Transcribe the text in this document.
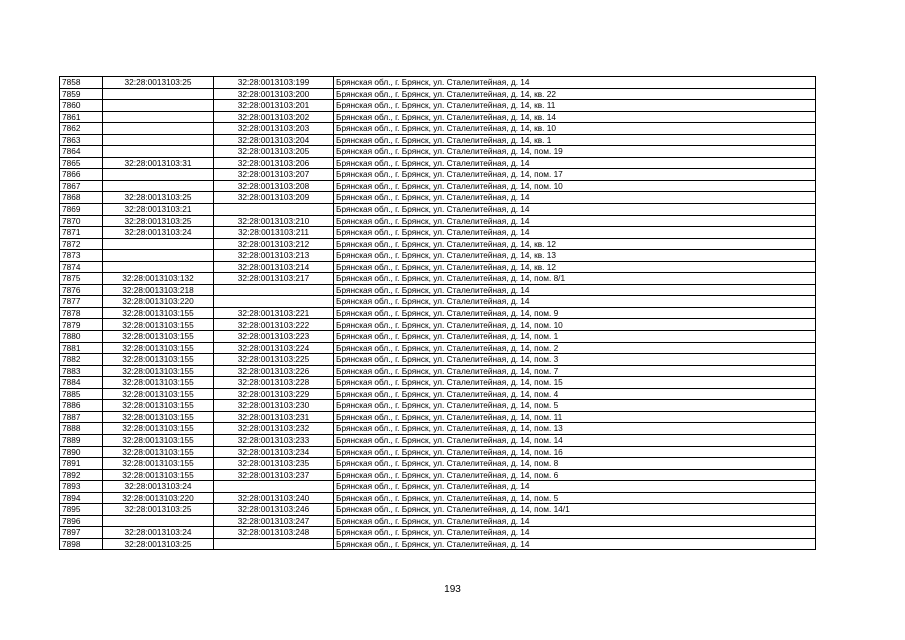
7858	32:28:0013103:25	32:28:0013103:199	Брянская обл., г. Брянск, ул. Сталелитейная, д. 14
7859		32:28:0013103:200	Брянская обл., г. Брянск, ул. Сталелитейная, д. 14, кв. 22
7860		32:28:0013103:201	Брянская обл., г. Брянск, ул. Сталелитейная, д. 14, кв. 11
7861		32:28:0013103:202	Брянская обл., г. Брянск, ул. Сталелитейная, д. 14, кв. 14
7862		32:28:0013103:203	Брянская обл., г. Брянск, ул. Сталелитейная, д. 14, кв. 10
7863		32:28:0013103:204	Брянская обл., г. Брянск, ул. Сталелитейная, д. 14, кв. 1
7864		32:28:0013103:205	Брянская обл., г. Брянск, ул. Сталелитейная, д. 14, пом. 19
7865	32:28:0013103:31	32:28:0013103:206	Брянская обл., г. Брянск, ул. Сталелитейная, д. 14
7866		32:28:0013103:207	Брянская обл., г. Брянск, ул. Сталелитейная, д. 14, пом. 17
7867		32:28:0013103:208	Брянская обл., г. Брянск, ул. Сталелитейная, д. 14, пом. 10
7868	32:28:0013103:25	32:28:0013103:209	Брянская обл., г. Брянск, ул. Сталелитейная, д. 14
7869	32:28:0013103:21		Брянская обл., г. Брянск, ул. Сталелитейная, д. 14
7870	32:28:0013103:25	32:28:0013103:210	Брянская обл., г. Брянск, ул. Сталелитейная, д. 14
7871	32:28:0013103:24	32:28:0013103:211	Брянская обл., г. Брянск, ул. Сталелитейная, д. 14
7872		32:28:0013103:212	Брянская обл., г. Брянск, ул. Сталелитейная, д. 14, кв. 12
7873		32:28:0013103:213	Брянская обл., г. Брянск, ул. Сталелитейная, д. 14, кв. 13
7874		32:28:0013103:214	Брянская обл., г. Брянск, ул. Сталелитейная, д. 14, кв. 12
7875	32:28:0013103:132	32:28:0013103:217	Брянская обл., г. Брянск, ул. Сталелитейная, д. 14, пом. 8/1
7876	32:28:0013103:218		Брянская обл., г. Брянск, ул. Сталелитейная, д. 14
7877	32:28:0013103:220		Брянская обл., г. Брянск, ул. Сталелитейная, д. 14
7878	32:28:0013103:155	32:28:0013103:221	Брянская обл., г. Брянск, ул. Сталелитейная, д. 14, пом. 9
7879	32:28:0013103:155	32:28:0013103:222	Брянская обл., г. Брянск, ул. Сталелитейная, д. 14, пом. 10
7880	32:28:0013103:155	32:28:0013103:223	Брянская обл., г. Брянск, ул. Сталелитейная, д. 14, пом. 1
7881	32:28:0013103:155	32:28:0013103:224	Брянская обл., г. Брянск, ул. Сталелитейная, д. 14, пом. 2
7882	32:28:0013103:155	32:28:0013103:225	Брянская обл., г. Брянск, ул. Сталелитейная, д. 14, пом. 3
7883	32:28:0013103:155	32:28:0013103:226	Брянская обл., г. Брянск, ул. Сталелитейная, д. 14, пом. 7
7884	32:28:0013103:155	32:28:0013103:228	Брянская обл., г. Брянск, ул. Сталелитейная, д. 14, пом. 15
7885	32:28:0013103:155	32:28:0013103:229	Брянская обл., г. Брянск, ул. Сталелитейная, д. 14, пом. 4
7886	32:28:0013103:155	32:28:0013103:230	Брянская обл., г. Брянск, ул. Сталелитейная, д. 14, пом. 5
7887	32:28:0013103:155	32:28:0013103:231	Брянская обл., г. Брянск, ул. Сталелитейная, д. 14, пом. 11
7888	32:28:0013103:155	32:28:0013103:232	Брянская обл., г. Брянск, ул. Сталелитейная, д. 14, пом. 13
7889	32:28:0013103:155	32:28:0013103:233	Брянская обл., г. Брянск, ул. Сталелитейная, д. 14, пом. 14
7890	32:28:0013103:155	32:28:0013103:234	Брянская обл., г. Брянск, ул. Сталелитейная, д. 14, пом. 16
7891	32:28:0013103:155	32:28:0013103:235	Брянская обл., г. Брянск, ул. Сталелитейная, д. 14, пом. 8
7892	32:28:0013103:155	32:28:0013103:237	Брянская обл., г. Брянск, ул. Сталелитейная, д. 14, пом. 6
7893	32:28:0013103:24		Брянская обл., г. Брянск, ул. Сталелитейная, д. 14
7894	32:28:0013103:220	32:28:0013103:240	Брянская обл., г. Брянск, ул. Сталелитейная, д. 14, пом. 5
7895	32:28:0013103:25	32:28:0013103:246	Брянская обл., г. Брянск, ул. Сталелитейная, д. 14, пом. 14/1
7896		32:28:0013103:247	Брянская обл., г. Брянск, ул. Сталелитейная, д. 14
7897	32:28:0013103:24	32:28:0013103:248	Брянская обл., г. Брянск, ул. Сталелитейная, д. 14
7898	32:28:0013103:25		Брянская обл., г. Брянск, ул. Сталелитейная, д. 14
193
